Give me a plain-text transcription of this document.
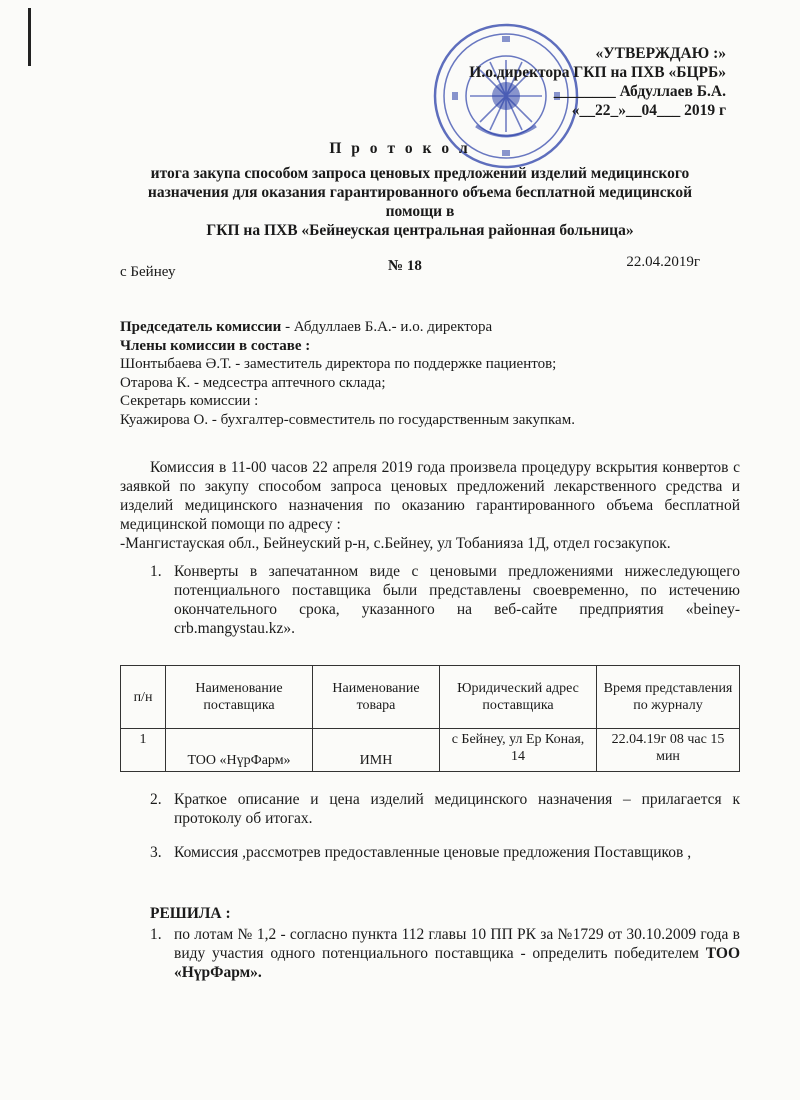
«УТВЕРЖДАЮ :»
И.о.директора ГКП на ПХВ «БЦРБ»
________ Абдуллаев Б.А.
«__22_»__04___ 2019 г
П р о т о к о л
итога закупа способом запроса ценовых предложений изделий медицинского
назначения для оказания гарантированного объема бесплатной медицинской
помощи в
ГКП на ПХВ «Бейнеуская центральная районная больница»
с Бейнеу	№ 18	22.04.2019г
Председатель комиссии - Абдуллаев Б.А.- и.о. директора
Члены комиссии в составе :
Шонтыбаева Ә.Т. - заместитель директора по поддержке пациентов;
Отарова К. - медсестра аптечного склада;
Секретарь комиссии :
Куажирова О. - бухгалтер-совместитель по государственным закупкам.
Комиссия в 11-00 часов 22 апреля 2019 года произвела процедуру вскрытия конвертов с заявкой по закупу способом запроса ценовых предложений лекарственного средства и изделий медицинского назначения по оказанию гарантированного объема бесплатной медицинской помощи по адресу :
-Мангистауская обл., Бейнеуский р-н, с.Бейнеу, ул Тобанияза 1Д, отдел госзакупок.
1. Конверты в запечатанном виде с ценовыми предложениями нижеследующего потенциального поставщика были представлены своевременно, по истечению окончательного срока, указанного на веб-сайте предприятия «beiney-crb.mangystau.kz».
п/н	Наименование поставщика	Наименование товара	Юридический адрес поставщика	Время представления по журналу
1	ТОО «НүрФарм»	ИМН	с Бейнеу, ул Ер Коная, 14	22.04.19г 08 час 15 мин
2. Краткое описание и цена изделий медицинского назначения – прилагается к протоколу об итогах.
3. Комиссия ,рассмотрев предоставленные ценовые предложения Поставщиков ,
РЕШИЛА :
1. по лотам № 1,2 - согласно пункта 112 главы 10 ПП РК за №1729 от 30.10.2009 года в виду участия одного потенциального поставщика - определить победителем ТОО «НүрФарм».
